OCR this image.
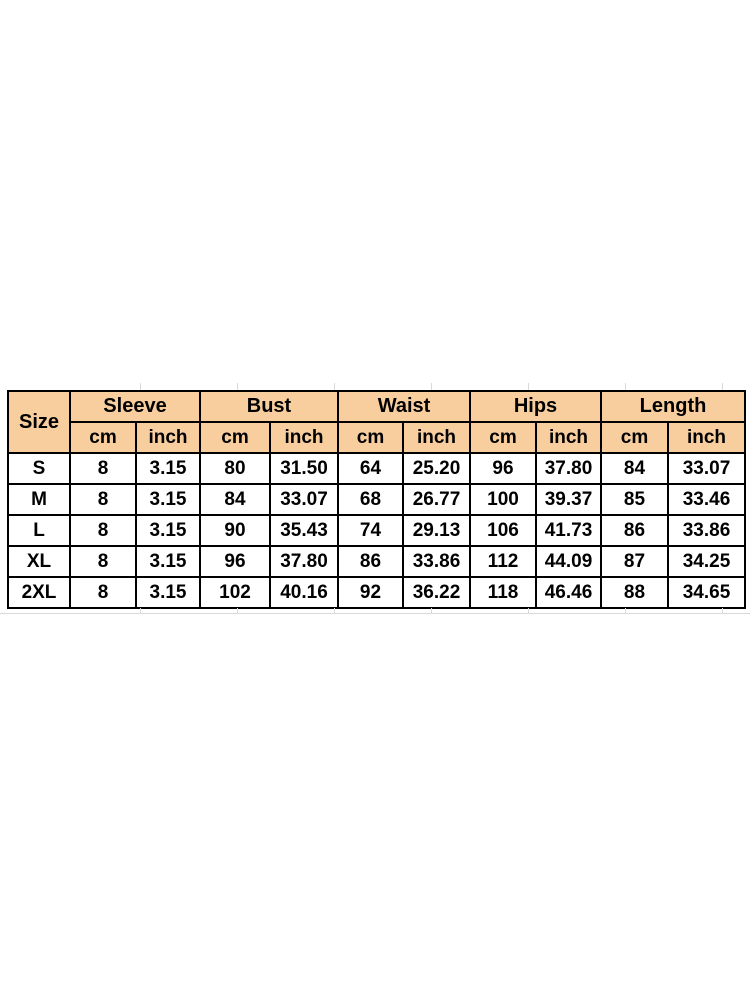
Size	Sleeve		Bust		Waist		Hips		Length	
	cm	inch	cm	inch	cm	inch	cm	inch	cm	inch
S	8	3.15	80	31.50	64	25.20	96	37.80	84	33.07
M	8	3.15	84	33.07	68	26.77	100	39.37	85	33.46
L	8	3.15	90	35.43	74	29.13	106	41.73	86	33.86
XL	8	3.15	96	37.80	86	33.86	112	44.09	87	34.25
2XL	8	3.15	102	40.16	92	36.22	118	46.46	88	34.65
